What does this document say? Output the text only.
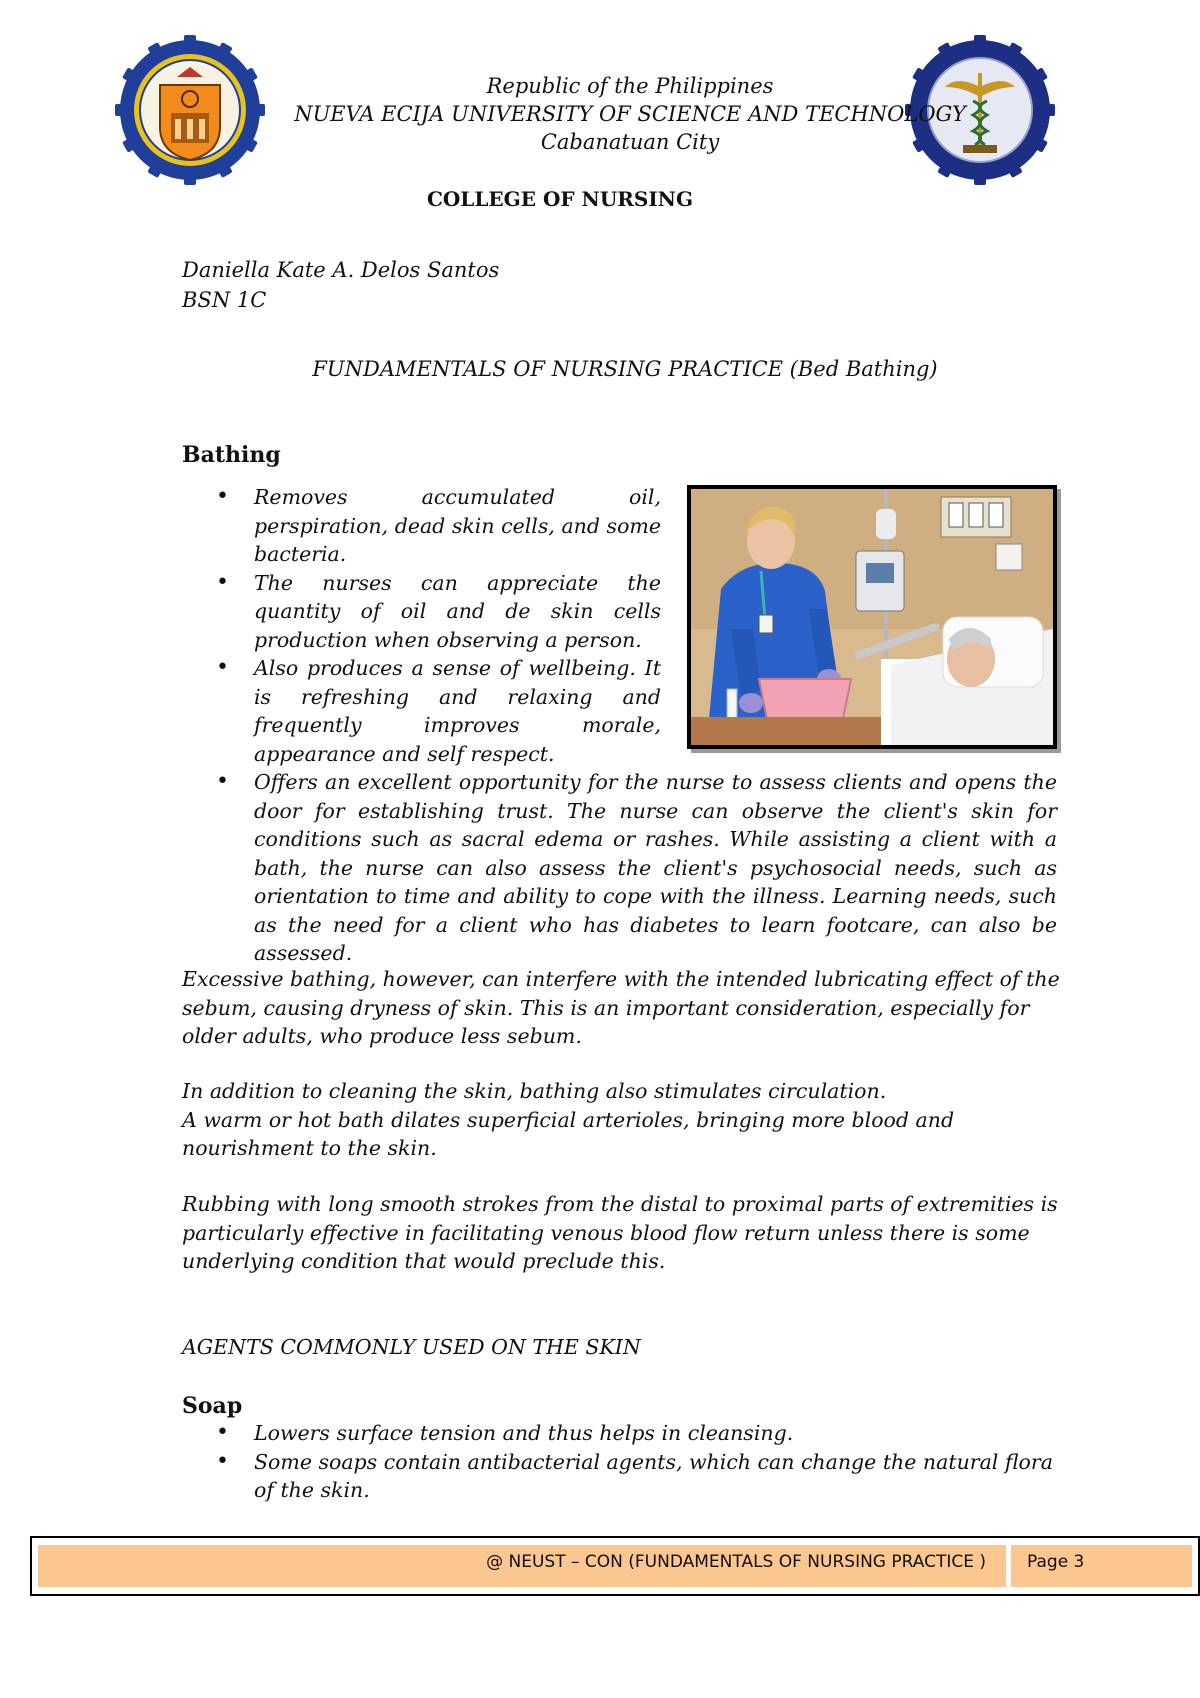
Republic of the Philippines
NUEVA ECIJA UNIVERSITY OF SCIENCE AND TECHNOLOGY
Cabanatuan City
COLLEGE OF NURSING
Daniella Kate A. Delos Santos
BSN 1C
FUNDAMENTALS OF NURSING PRACTICE (Bed Bathing)
Bathing
• Removes accumulated oil, perspiration, dead skin cells, and some bacteria.
• The nurses can appreciate the quantity of oil and de skin cells production when observing a person.
• Also produces a sense of wellbeing. It is refreshing and relaxing and frequently improves morale, appearance and self respect.
• Offers an excellent opportunity for the nurse to assess clients and opens the door for establishing trust. The nurse can observe the client's skin for conditions such as sacral edema or rashes. While assisting a client with a bath, the nurse can also assess the client's psychosocial needs, such as orientation to time and ability to cope with the illness. Learning needs, such as the need for a client who has diabetes to learn footcare, can also be assessed.

Excessive bathing, however, can interfere with the intended lubricating effect of the sebum, causing dryness of skin. This is an important consideration, especially for older adults, who produce less sebum.

In addition to cleaning the skin, bathing also stimulates circulation.
A warm or hot bath dilates superficial arterioles, bringing more blood and nourishment to the skin.

Rubbing with long smooth strokes from the distal to proximal parts of extremities is particularly effective in facilitating venous blood flow return unless there is some underlying condition that would preclude this.

AGENTS COMMONLY USED ON THE SKIN
Soap
• Lowers surface tension and thus helps in cleansing.
• Some soaps contain antibacterial agents, which can change the natural flora of the skin.
@ NEUST – CON (FUNDAMENTALS OF NURSING PRACTICE ) Page 3
